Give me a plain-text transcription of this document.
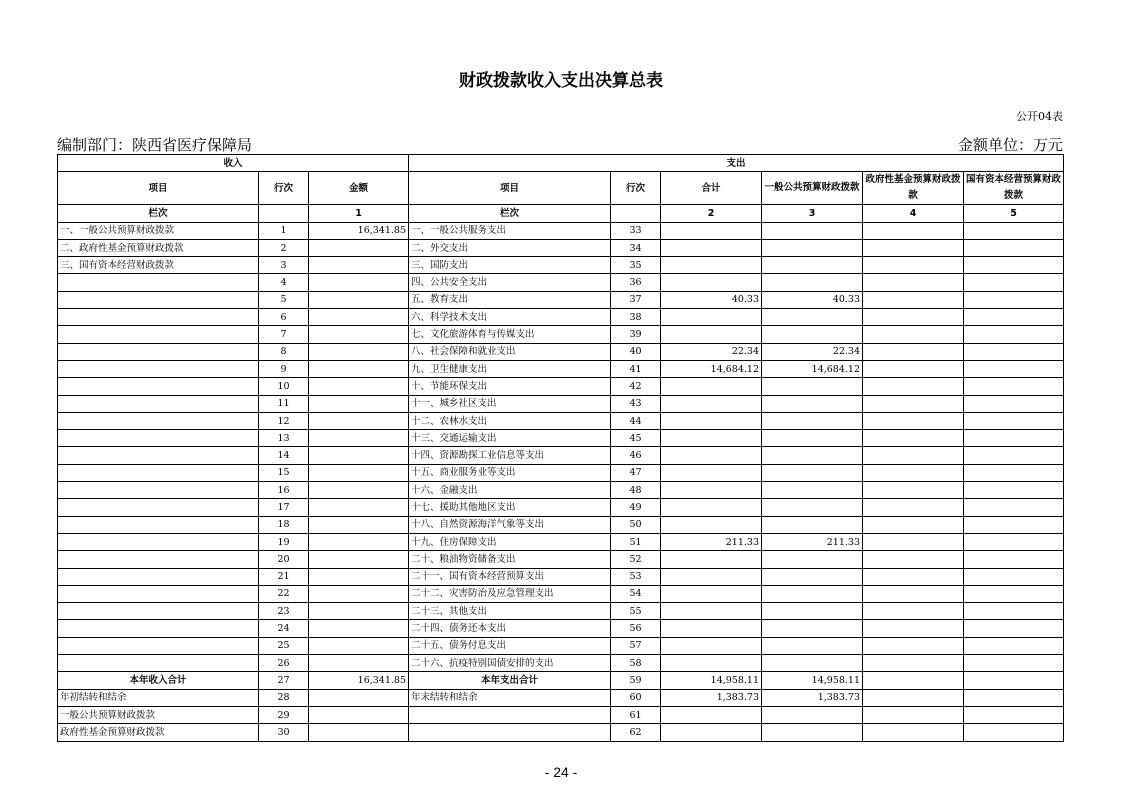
财政拨款收入支出决算总表
公开04表
编制部门：陕西省医疗保障局	金额单位：万元
收入			支出					
项目	行次	金额	项目	行次	合计	一般公共预算财政拨款	政府性基金预算财政拨款	国有资本经营预算财政拨款
栏次		1	栏次		2	3	4	5
一、一般公共预算财政拨款	1	16,341.85	一、一般公共服务支出	33				
二、政府性基金预算财政拨款	2		二、外交支出	34				
三、国有资本经营财政拨款	3		三、国防支出	35				
	4		四、公共安全支出	36				
	5		五、教育支出	37	40.33	40.33		
	6		六、科学技术支出	38				
	7		七、文化旅游体育与传媒支出	39				
	8		八、社会保障和就业支出	40	22.34	22.34		
	9		九、卫生健康支出	41	14,684.12	14,684.12		
	10		十、节能环保支出	42				
	11		十一、城乡社区支出	43				
	12		十二、农林水支出	44				
	13		十三、交通运输支出	45				
	14		十四、资源勘探工业信息等支出	46				
	15		十五、商业服务业等支出	47				
	16		十六、金融支出	48				
	17		十七、援助其他地区支出	49				
	18		十八、自然资源海洋气象等支出	50				
	19		十九、住房保障支出	51	211.33	211.33		
	20		二十、粮油物资储备支出	52				
	21		二十一、国有资本经营预算支出	53				
	22		二十二、灾害防治及应急管理支出	54				
	23		二十三、其他支出	55				
	24		二十四、债务还本支出	56				
	25		二十五、债务付息支出	57				
	26		二十六、抗疫特别国债安排的支出	58				
本年收入合计	27	16,341.85	本年支出合计	59	14,958.11	14,958.11		
年初结转和结余	28		年末结转和结余	60	1,383.73	1,383.73		
一般公共预算财政拨款	29			61				
政府性基金预算财政拨款	30			62				
- 24 -
